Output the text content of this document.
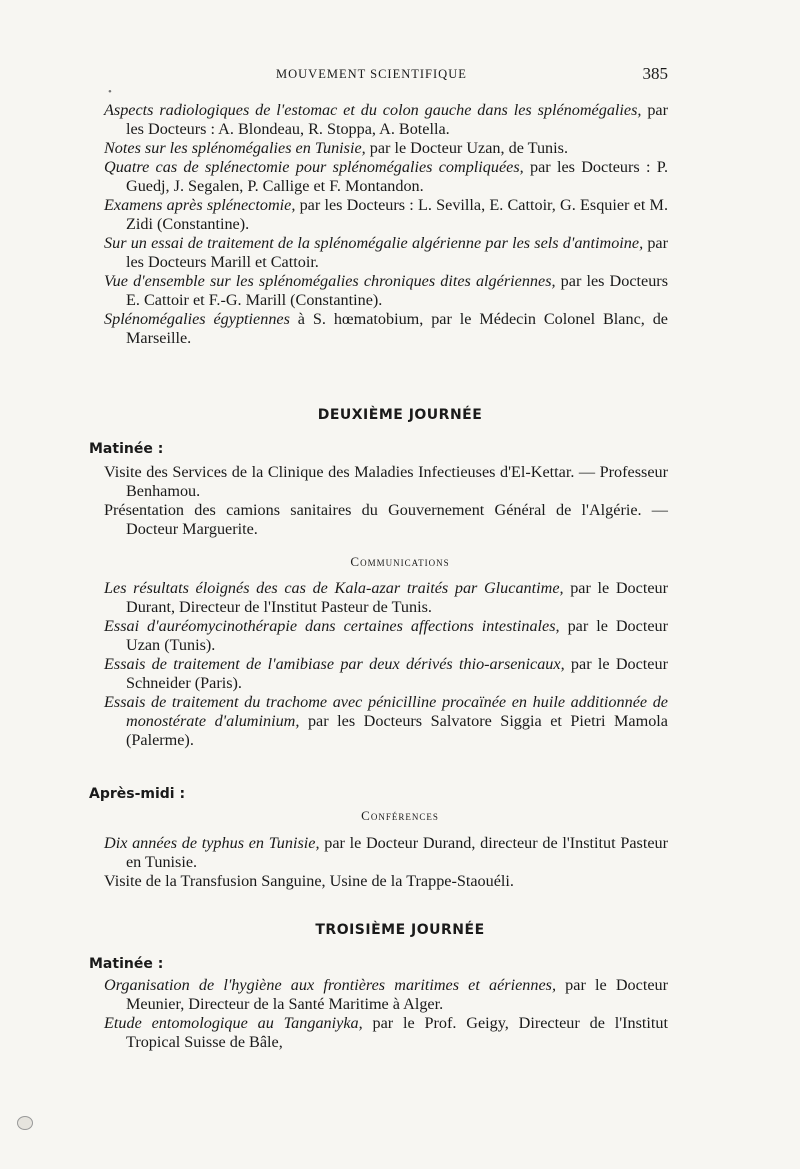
MOUVEMENT SCIENTIFIQUE	385
•

Aspects radiologiques de l'estomac et du colon gauche dans les splénomégalies, par les Docteurs : A. Blondeau, R. Stoppa, A. Botella.

Notes sur les splénomégalies en Tunisie, par le Docteur Uzan, de Tunis.

Quatre cas de splénectomie pour splénomégalies compliquées, par les Docteurs : P. Guedj, J. Segalen, P. Callige et F. Montandon.

Examens après splénectomie, par les Docteurs : L. Sevilla, E. Cattoir, G. Esquier et M. Zidi (Constantine).

Sur un essai de traitement de la splénomégalie algérienne par les sels d'antimoine, par les Docteurs Marill et Cattoir.

Vue d'ensemble sur les splénomégalies chroniques dites algériennes, par les Docteurs E. Cattoir et F.-G. Marill (Constantine).

Splénomégalies égyptiennes à S. hœmatobium, par le Médecin Colonel Blanc, de Marseille.

DEUXIÈME JOURNÉE
Matinée :

Visite des Services de la Clinique des Maladies Infectieuses d'El-Kettar. — Professeur Benhamou.

Présentation des camions sanitaires du Gouvernement Général de l'Algérie. — Docteur Marguerite.

Communications

Les résultats éloignés des cas de Kala-azar traités par Glucantime, par le Docteur Durant, Directeur de l'Institut Pasteur de Tunis.

Essai d'auréomycinothérapie dans certaines affections intestinales, par le Docteur Uzan (Tunis).

Essais de traitement de l'amibiase par deux dérivés thio-arsenicaux, par le Docteur Schneider (Paris).

Essais de traitement du trachome avec pénicilline procaïnée en huile additionnée de monostérate d'aluminium, par les Docteurs Salvatore Siggia et Pietri Mamola (Palerme).

Après-midi :
Conférences

Dix années de typhus en Tunisie, par le Docteur Durand, directeur de l'Institut Pasteur en Tunisie.

Visite de la Transfusion Sanguine, Usine de la Trappe-Staouéli.

TROISIÈME JOURNÉE
Matinée :

Organisation de l'hygiène aux frontières maritimes et aériennes, par le Docteur Meunier, Directeur de la Santé Maritime à Alger.

Etude entomologique au Tanganiyka, par le Prof. Geigy, Directeur de l'Institut Tropical Suisse de Bâle,
